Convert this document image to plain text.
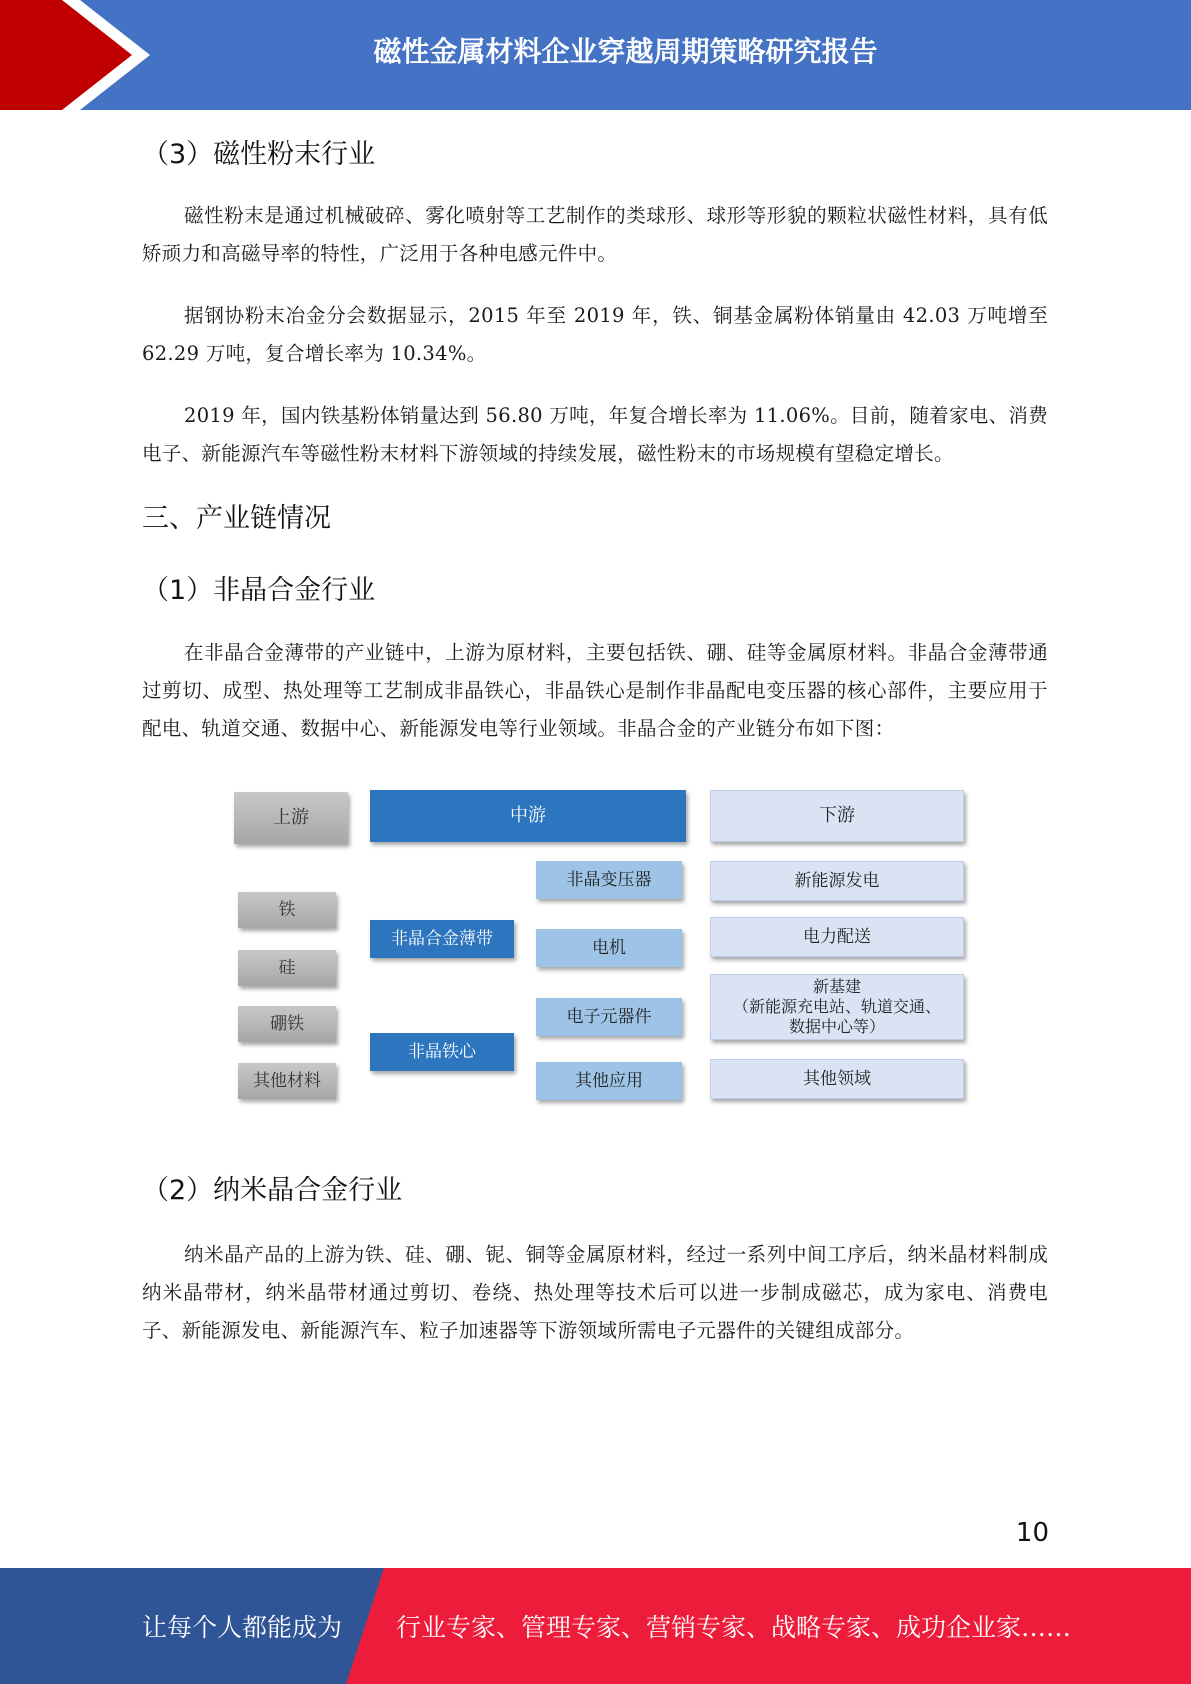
磁性金属材料企业穿越周期策略研究报告
（3）磁性粉末行业
磁性粉末是通过机械破碎、雾化喷射等工艺制作的类球形、球形等形貌的颗粒状磁性材料，具有低矫顽力和高磁导率的特性，广泛用于各种电感元件中。
据钢协粉末冶金分会数据显示，2015 年至 2019 年，铁、铜基金属粉体销量由 42.03 万吨增至 62.29 万吨，复合增长率为 10.34%。
2019 年，国内铁基粉体销量达到 56.80 万吨，年复合增长率为 11.06%。目前，随着家电、消费电子、新能源汽车等磁性粉末材料下游领域的持续发展，磁性粉末的市场规模有望稳定增长。
三、产业链情况
（1）非晶合金行业
在非晶合金薄带的产业链中，上游为原材料，主要包括铁、硼、硅等金属原材料。非晶合金薄带通过剪切、成型、热处理等工艺制成非晶铁心，非晶铁心是制作非晶配电变压器的核心部件，主要应用于配电、轨道交通、数据中心、新能源发电等行业领域。非晶合金的产业链分布如下图：
上游	中游	下游
铁
硅
硼铁
其他材料
非晶合金薄带
非晶铁心
非晶变压器
电机
电子元器件
其他应用
新能源发电
电力配送
新基建
（新能源充电站、轨道交通、
数据中心等）
其他领域
（2）纳米晶合金行业
纳米晶产品的上游为铁、硅、硼、铌、铜等金属原材料，经过一系列中间工序后，纳米晶材料制成纳米晶带材，纳米晶带材通过剪切、卷绕、热处理等技术后可以进一步制成磁芯，成为家电、消费电子、新能源发电、新能源汽车、粒子加速器等下游领域所需电子元器件的关键组成部分。
10
让每个人都能成为 行业专家、管理专家、营销专家、战略专家、成功企业家……
